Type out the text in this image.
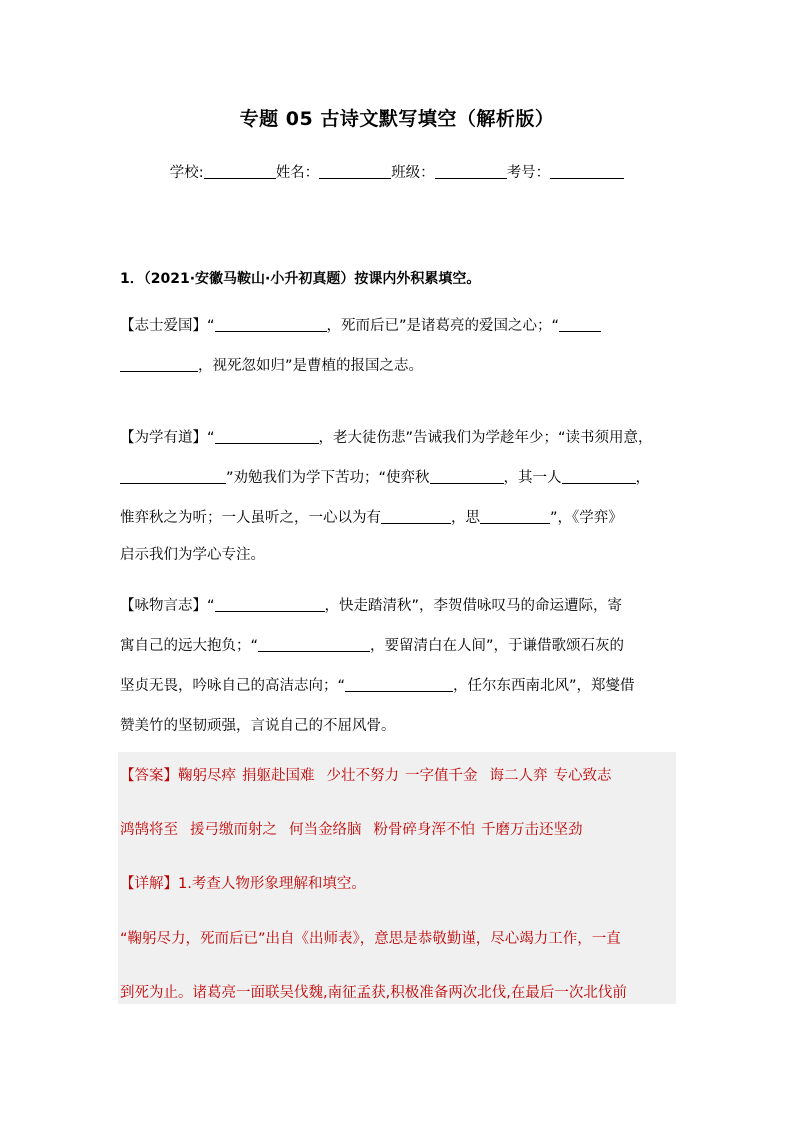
专题 05 古诗文默写填空（解析版）
学校:	姓名：	班级：	考号：
1．（2021·安徽马鞍山·小升初真题）按课内外积累填空。
【志士爱国】“	，死而后已”是诸葛亮的爱国之心；“
，视死忽如归”是曹植的报国之志。
【为学有道】“	，老大徒伤悲”告诫我们为学趁年少；“读书须用意，
”劝勉我们为学下苦功；“使弈秋	，其一人	，
惟弈秋之为听；一人虽听之，一心以为有	，思	”，《学弈》
启示我们为学心专注。
【咏物言志】“	，快走踏清秋”，李贺借咏叹马的命运遭际，寄
寓自己的远大抱负；“	，要留清白在人间”，于谦借歌颂石灰的
坚贞无畏，吟咏自己的高洁志向；“	，任尔东西南北风”，郑燮借
赞美竹的坚韧顽强，言说自己的不屈风骨。
【答案】鞠躬尽瘁 捐躯赴国难 少壮不努力 一字值千金 诲二人弈 专心致志
鸿鹄将至 援弓缴而射之 何当金络脑 粉骨碎身浑不怕 千磨万击还坚劲
【详解】1.考查人物形象理解和填空。
“鞠躬尽力，死而后已”出自《出师表》，意思是恭敬勤谨，尽心竭力工作，一直
到死为止。诸葛亮一面联吴伐魏,南征孟获,积极准备两次北伐,在最后一次北伐前
